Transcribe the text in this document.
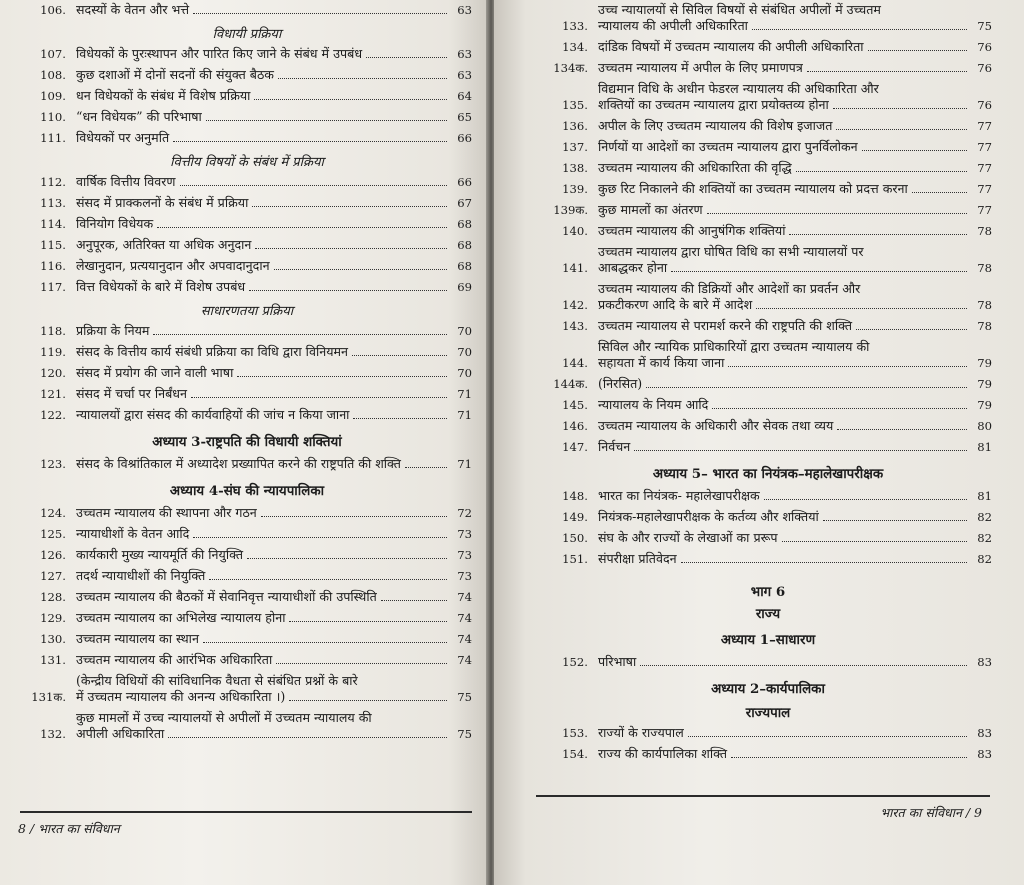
106. सदस्यों के वेतन और भत्ते	63
विधायी प्रक्रिया
107. विधेयकों के पुरःस्थापन और पारित किए जाने के संबंध में उपबंध	63
108. कुछ दशाओं में दोनों सदनों की संयुक्त बैठक	63
109. धन विधेयकों के संबंध में विशेष प्रक्रिया	64
110. “धन विधेयक” की परिभाषा	65
111. विधेयकों पर अनुमति	66
वित्तीय विषयों के संबंध में प्रक्रिया
112. वार्षिक वित्तीय विवरण	66
113. संसद में प्राक्कलनों के संबंध में प्रक्रिया	67
114. विनियोग विधेयक	68
115. अनुपूरक, अतिरिक्त या अधिक अनुदान	68
116. लेखानुदान, प्रत्ययानुदान और अपवादानुदान	68
117. वित्त विधेयकों के बारे में विशेष उपबंध	69
साधारणतया प्रक्रिया
118. प्रक्रिया के नियम	70
119. संसद के वित्तीय कार्य संबंधी प्रक्रिया का विधि द्वारा विनियमन	70
120. संसद में प्रयोग की जाने वाली भाषा	70
121. संसद में चर्चा पर निर्बंधन	71
122. न्यायालयों द्वारा संसद की कार्यवाहियों की जांच न किया जाना	71
अध्याय 3-राष्ट्रपति की विधायी शक्तियां
123. संसद के विश्रांतिकाल में अध्यादेश प्रख्यापित करने की राष्ट्रपति की शक्ति	71
अध्याय 4-संघ की न्यायपालिका
124. उच्चतम न्यायालय की स्थापना और गठन	72
125. न्यायाधीशों के वेतन आदि	73
126. कार्यकारी मुख्य न्यायमूर्ति की नियुक्ति	73
127. तदर्थ न्यायाधीशों की नियुक्ति	73
128. उच्चतम न्यायालय की बैठकों में सेवानिवृत्त न्यायाधीशों की उपस्थिति	74
129. उच्चतम न्यायालय का अभिलेख न्यायालय होना	74
130. उच्चतम न्यायालय का स्थान	74
131. उच्चतम न्यायालय की आरंभिक अधिकारिता	74
131क.
(केन्द्रीय विधियों की सांविधानिक वैधता से संबंधित प्रश्नों के बारे
में उच्चतम न्यायालय की अनन्य अधिकारिता ।)	75
132.
कुछ मामलों में उच्च न्यायालयों से अपीलों में उच्चतम न्यायालय की
अपीली अधिकारिता	75
8 / भारत का संविधान
133.
उच्च न्यायालयों से सिविल विषयों से संबंधित अपीलों में उच्चतम
न्यायालय की अपीली अधिकारिता	75
134. दांडिक विषयों में उच्चतम न्यायालय की अपीली अधिकारिता	76
134क. उच्चतम न्यायालय में अपील के लिए प्रमाणपत्र	76
135.
विद्यमान विधि के अधीन फेडरल न्यायालय की अधिकारिता और
शक्तियों का उच्चतम न्यायालय द्वारा प्रयोक्तव्य होना	76
136. अपील के लिए उच्चतम न्यायालय की विशेष इजाजत	77
137. निर्णयों या आदेशों का उच्चतम न्यायालय द्वारा पुनर्विलोकन	77
138. उच्चतम न्यायालय की अधिकारिता की वृद्धि	77
139. कुछ रिट निकालने की शक्तियों का उच्चतम न्यायालय को प्रदत्त करना	77
139क. कुछ मामलों का अंतरण	77
140. उच्चतम न्यायालय की आनुषंगिक शक्तियां	78
141.
उच्चतम न्यायालय द्वारा घोषित विधि का सभी न्यायालयों पर
आबद्धकर होना	78
142.
उच्चतम न्यायालय की डिक्रियों और आदेशों का प्रवर्तन और
प्रकटीकरण आदि के बारे में आदेश	78
143. उच्चतम न्यायालय से परामर्श करने की राष्ट्रपति की शक्ति	78
144.
सिविल और न्यायिक प्राधिकारियों द्वारा उच्चतम न्यायालय की
सहायता में कार्य किया जाना	79
144क. (निरसित)	79
145. न्यायालय के नियम आदि	79
146. उच्चतम न्यायालय के अधिकारी और सेवक तथा व्यय	80
147. निर्वचन	81
अध्याय 5– भारत का नियंत्रक–महालेखापरीक्षक
148. भारत का नियंत्रक- महालेखापरीक्षक	81
149. नियंत्रक-महालेखापरीक्षक के कर्तव्य और शक्तियां	82
150. संघ के और राज्यों के लेखाओं का प्ररूप	82
151. संपरीक्षा प्रतिवेदन	82
भाग 6
राज्य
अध्याय 1–साधारण
152. परिभाषा	83
अध्याय 2–कार्यपालिका
राज्यपाल
153. राज्यों के राज्यपाल	83
154. राज्य की कार्यपालिका शक्ति	83
भारत का संविधान / 9
